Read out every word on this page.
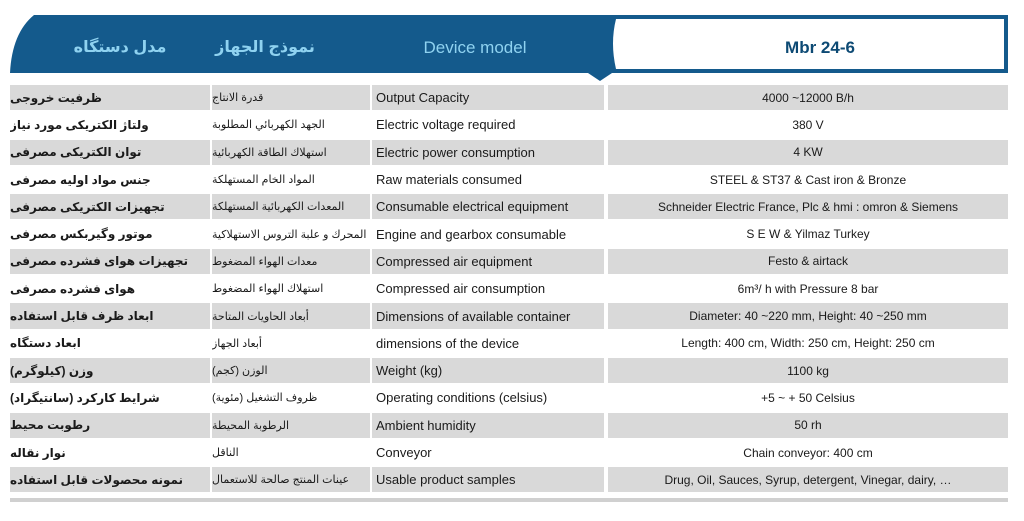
مدل دستگاه	نموذج الجهاز	Device model	Mbr 24-6
ظرفیت خروجی	قدرة الانتاج	Output Capacity	4000 ~12000 B/h
ولتاژ الکتریکی مورد نیاز	الجهد الكهربائي المطلوبة	Electric voltage required	380 V
توان الکتریکی مصرفی	استهلاك الطاقة الكهربائية	Electric power consumption	4 KW
جنس مواد اولیه مصرفی	المواد الخام المستهلكة	Raw materials consumed	STEEL & ST37 & Cast iron & Bronze
تجهیزات الکتریکی مصرفی	المعدات الكهربائية المستهلكة	Consumable electrical equipment	Schneider Electric France, Plc & hmi : omron & Siemens
موتور وگیربکس مصرفی	المحرك و علبة التروس الاستهلاكية Engine and gearbox consumable	S E W & Yilmaz Turkey
تجهیزات هوای فشرده مصرفی	معدات الهواء المضغوط	Compressed air equipment	Festo & airtack
هوای فشرده مصرفی	استهلاك الهواء المضغوط	Compressed air consumption	6m³/ h with Pressure 8 bar
ابعاد ظرف قابل استفاده	أبعاد الحاويات المتاحة	Dimensions of available container	Diameter: 40 ~220 mm, Height: 40 ~250 mm
ابعاد دستگاه	أبعاد الجهاز	dimensions of the device	Length: 400 cm, Width: 250 cm, Height: 250 cm
وزن (کیلوگرم)	الوزن (كجم)	Weight (kg)	1100 kg
شرایط کارکرد (سانتیگراد)	ظروف التشغيل (مئوية)	Operating conditions (celsius)	+5 ~ + 50 Celsius
رطوبت محیط	الرطوبة المحيطة	Ambient humidity	50 rh
نوار نقاله	الناقل	Conveyor	Chain conveyor: 400 cm
نمونه محصولات قابل استفاده	عينات المنتج صالحة للاستعمال	Usable product samples	Drug, Oil, Sauces, Syrup, detergent, Vinegar, dairy, …
